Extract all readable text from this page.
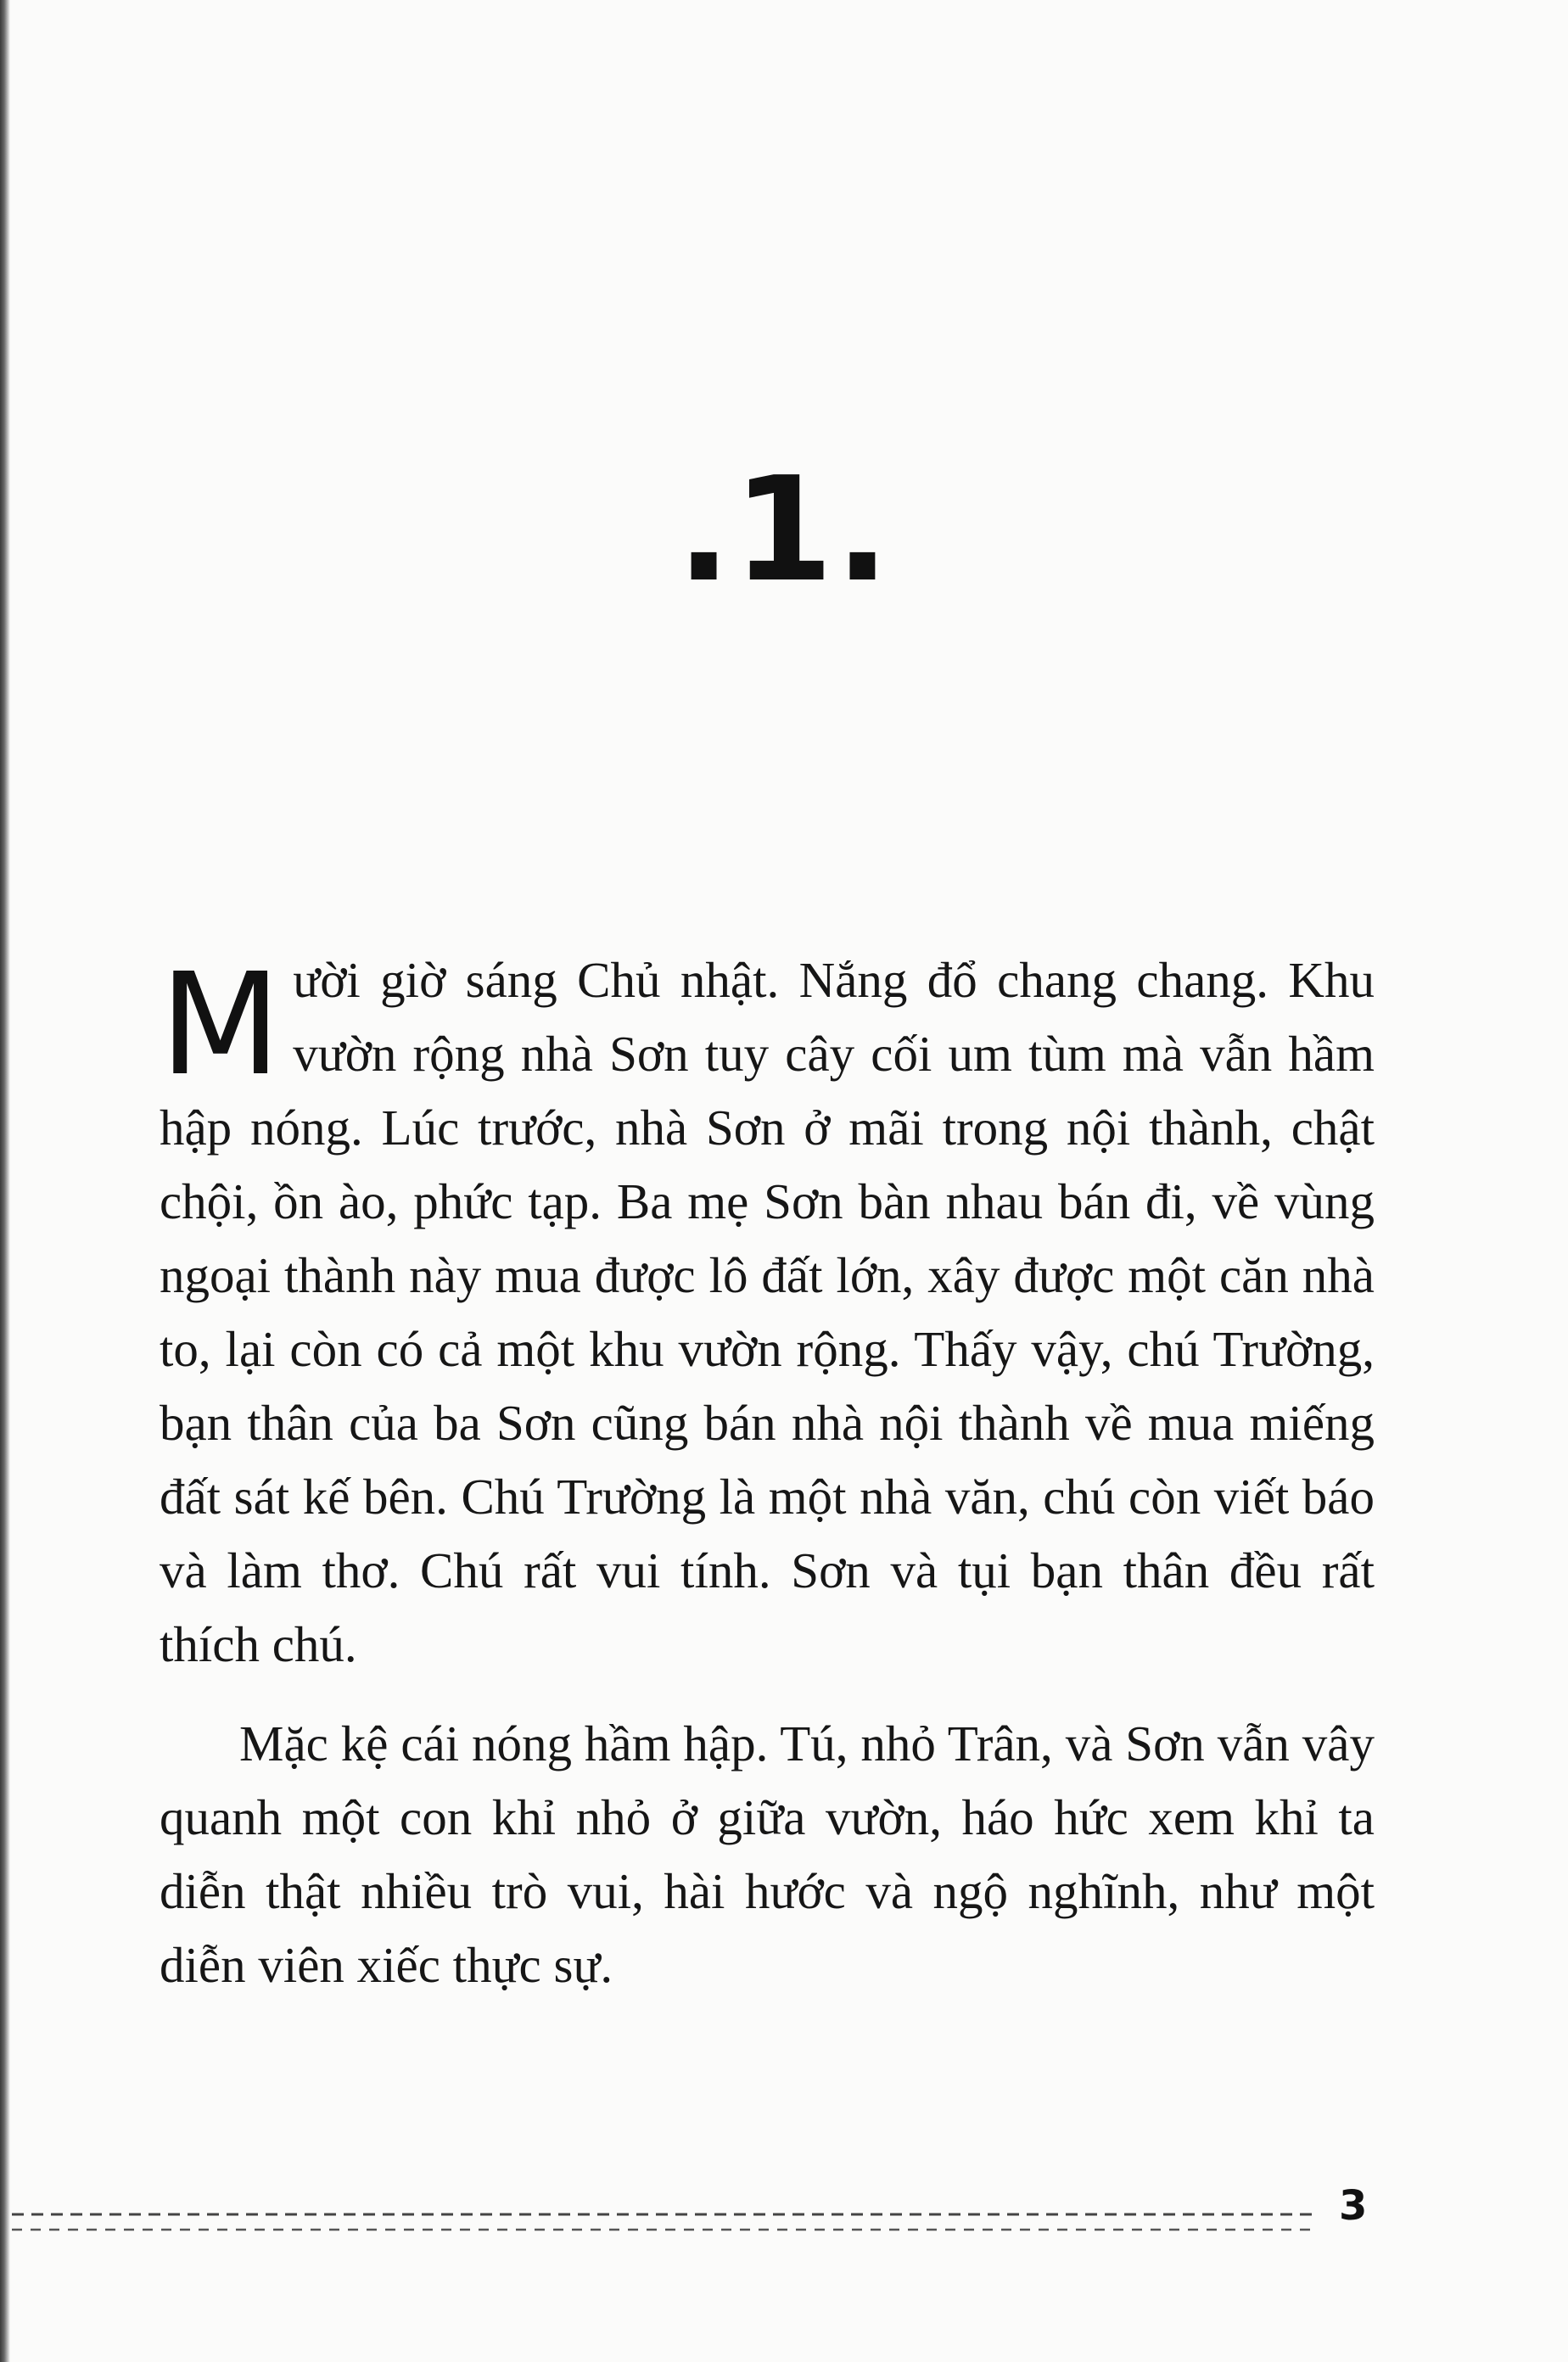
.1.

Mười giờ sáng Chủ nhật. Nắng đổ chang chang. Khu vườn rộng nhà Sơn tuy cây cối um tùm mà vẫn hầm hập nóng. Lúc trước, nhà Sơn ở mãi trong nội thành, chật chội, ồn ào, phức tạp. Ba mẹ Sơn bàn nhau bán đi, về vùng ngoại thành này mua được lô đất lớn, xây được một căn nhà to, lại còn có cả một khu vườn rộng. Thấy vậy, chú Trường, bạn thân của ba Sơn cũng bán nhà nội thành về mua miếng đất sát kế bên. Chú Trường là một nhà văn, chú còn viết báo và làm thơ. Chú rất vui tính. Sơn và tụi bạn thân đều rất thích chú.

Mặc kệ cái nóng hầm hập. Tú, nhỏ Trân, và Sơn vẫn vây quanh một con khỉ nhỏ ở giữa vườn, háo hức xem khỉ ta diễn thật nhiều trò vui, hài hước và ngộ nghĩnh, như một diễn viên xiếc thực sự.

3
